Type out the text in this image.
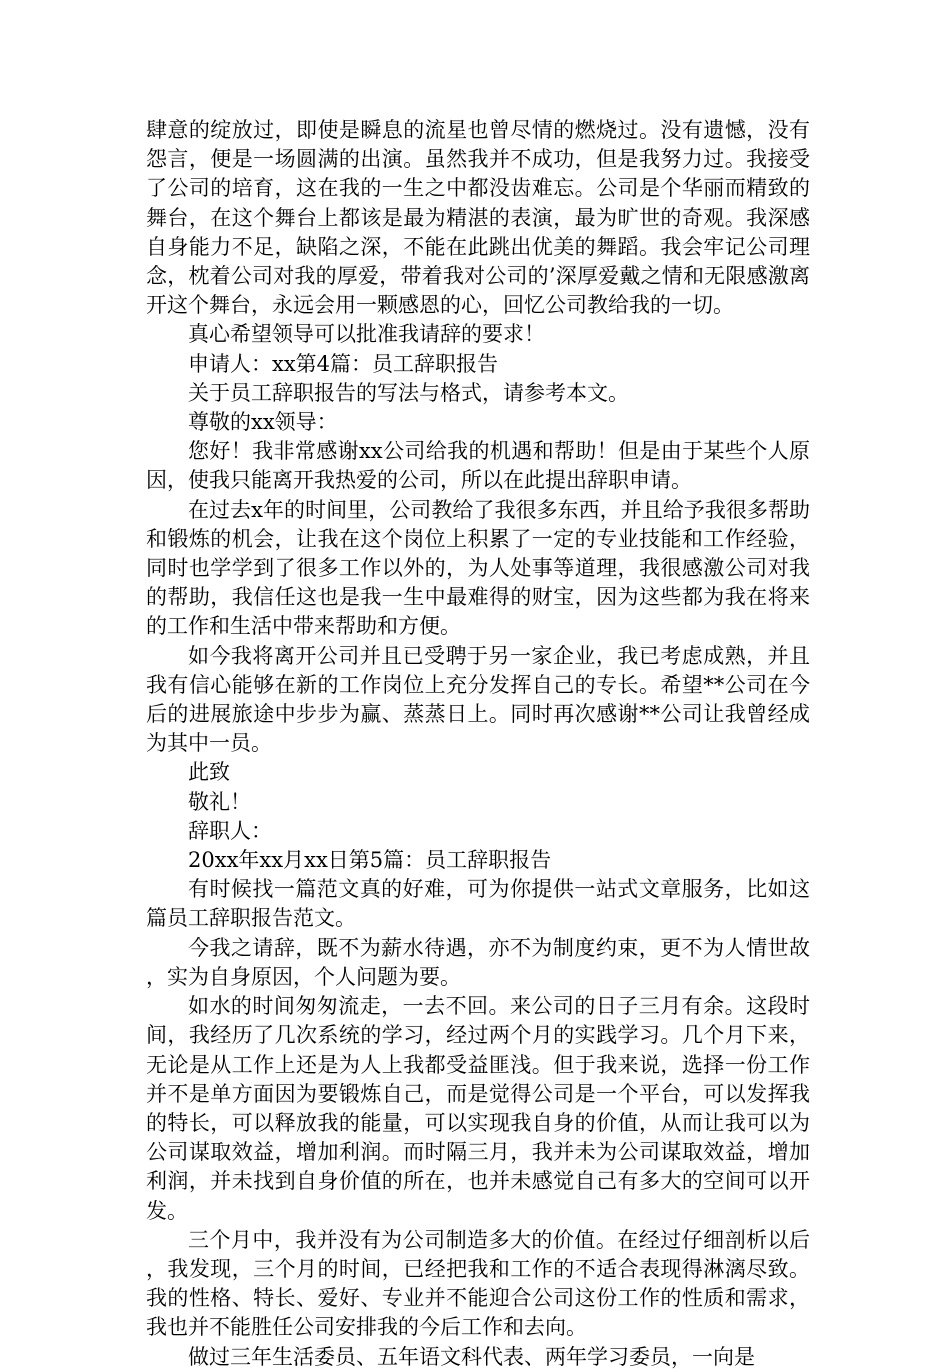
肆意的绽放过，即使是瞬息的流星也曾尽情的燃烧过。没有遗憾，没有怨言，便是一场圆满的出演。虽然我并不成功，但是我努力过。我接受了公司的培育，这在我的一生之中都没齿难忘。公司是个华丽而精致的舞台，在这个舞台上都该是最为精湛的表演，最为旷世的奇观。我深感自身能力不足，缺陷之深，不能在此跳出优美的舞蹈。我会牢记公司理念，枕着公司对我的厚爱，带着我对公司的’深厚爱戴之情和无限感激离开这个舞台，永远会用一颗感恩的心，回忆公司教给我的一切。

真心希望领导可以批准我请辞的要求！

申请人：xx第4篇：员工辞职报告

关于员工辞职报告的写法与格式，请参考本文。

尊敬的xx领导：

您好！我非常感谢xx公司给我的机遇和帮助！但是由于某些个人原因，使我只能离开我热爱的公司，所以在此提出辞职申请。

在过去x年的时间里，公司教给了我很多东西，并且给予我很多帮助和锻炼的机会，让我在这个岗位上积累了一定的专业技能和工作经验，同时也学学到了很多工作以外的，为人处事等道理，我很感激公司对我的帮助，我信任这也是我一生中最难得的财宝，因为这些都为我在将来的工作和生活中带来帮助和方便。

如今我将离开公司并且已受聘于另一家企业，我已考虑成熟，并且我有信心能够在新的工作岗位上充分发挥自己的专长。希望**公司在今后的进展旅途中步步为赢、蒸蒸日上。同时再次感谢**公司让我曾经成为其中一员。

此致

敬礼！

辞职人：

20xx年xx月xx日第5篇：员工辞职报告

有时候找一篇范文真的好难，可为你提供一站式文章服务，比如这篇员工辞职报告范文。

今我之请辞，既不为薪水待遇，亦不为制度约束，更不为人情世故，实为自身原因，个人问题为要。

如水的时间匆匆流走，一去不回。来公司的日子三月有余。这段时间，我经历了几次系统的学习，经过两个月的实践学习。几个月下来，无论是从工作上还是为人上我都受益匪浅。但于我来说，选择一份工作并不是单方面因为要锻炼自己，而是觉得公司是一个平台，可以发挥我的特长，可以释放我的能量，可以实现我自身的价值，从而让我可以为公司谋取效益，增加利润。而时隔三月，我并未为公司谋取效益，增加利润，并未找到自身价值的所在，也并未感觉自己有多大的空间可以开发。

三个月中，我并没有为公司制造多大的价值。在经过仔细剖析以后，我发现，三个月的时间，已经把我和工作的不适合表现得淋漓尽致。我的性格、特长、爱好、专业并不能迎合公司这份工作的性质和需求，我也并不能胜任公司安排我的今后工作和去向。

做过三年生活委员、五年语文科代表、两年学习委员，一向是
